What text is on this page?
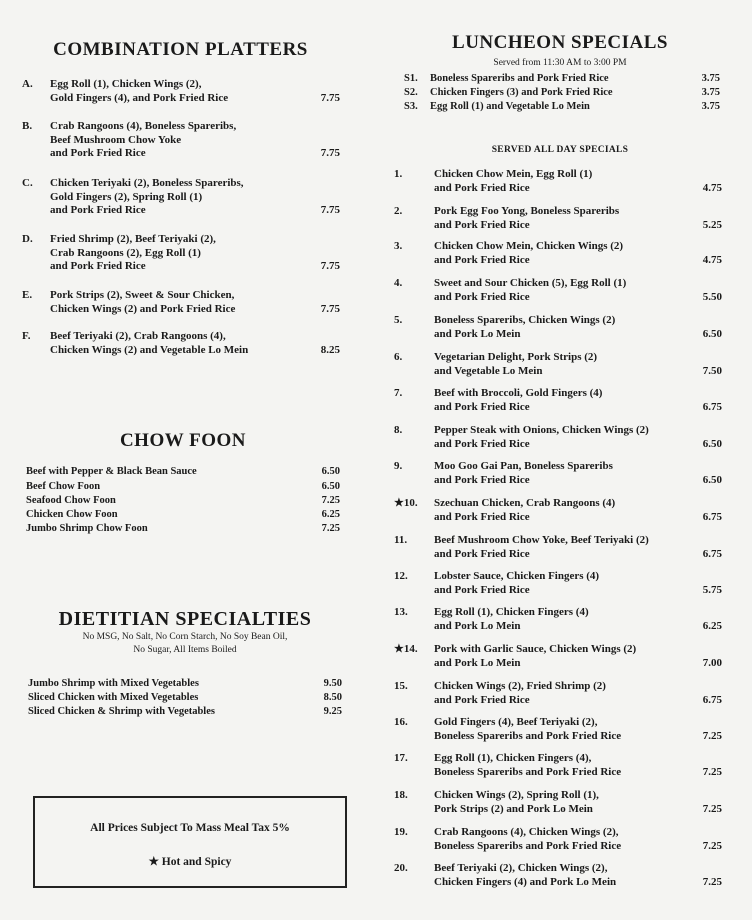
COMBINATION PLATTERS
A.	Egg Roll (1), Chicken Wings (2),
Gold Fingers (4), and Pork Fried Rice	7.75
B.	Crab Rangoons (4), Boneless Spareribs,
Beef Mushroom Chow Yoke
and Pork Fried Rice	7.75
C.	Chicken Teriyaki (2), Boneless Spareribs,
Gold Fingers (2), Spring Roll (1)
and Pork Fried Rice	7.75
D.	Fried Shrimp (2), Beef Teriyaki (2),
Crab Rangoons (2), Egg Roll (1)
and Pork Fried Rice	7.75
E.	Pork Strips (2), Sweet & Sour Chicken,
Chicken Wings (2) and Pork Fried Rice	7.75
F.	Beef Teriyaki (2), Crab Rangoons (4),
Chicken Wings (2) and Vegetable Lo Mein	8.25
CHOW FOON
Beef with Pepper & Black Bean Sauce	6.50
Beef Chow Foon	6.50
Seafood Chow Foon	7.25
Chicken Chow Foon	6.25
Jumbo Shrimp Chow Foon	7.25
DIETITIAN SPECIALTIES
No MSG, No Salt, No Corn Starch, No Soy Bean Oil,
No Sugar, All Items Boiled
Jumbo Shrimp with Mixed Vegetables	9.50
Sliced Chicken with Mixed Vegetables	8.50
Sliced Chicken & Shrimp with Vegetables	9.25
All Prices Subject To Mass Meal Tax 5%
★ Hot and Spicy
LUNCHEON SPECIALS
Served from 11:30 AM to 3:00 PM
S1. Boneless Spareribs and Pork Fried Rice	3.75
S2. Chicken Fingers (3) and Pork Fried Rice	3.75
S3. Egg Roll (1) and Vegetable Lo Mein	3.75
SERVED ALL DAY SPECIALS
1.	Chicken Chow Mein, Egg Roll (1)
and Pork Fried Rice	4.75
2.	Pork Egg Foo Yong, Boneless Spareribs
and Pork Fried Rice	5.25
3.	Chicken Chow Mein, Chicken Wings (2)
and Pork Fried Rice	4.75
4.	Sweet and Sour Chicken (5), Egg Roll (1)
and Pork Fried Rice	5.50
5.	Boneless Spareribs, Chicken Wings (2)
and Pork Lo Mein	6.50
6.	Vegetarian Delight, Pork Strips (2)
and Vegetable Lo Mein	7.50
7.	Beef with Broccoli, Gold Fingers (4)
and Pork Fried Rice	6.75
8.	Pepper Steak with Onions, Chicken Wings (2)
and Pork Fried Rice	6.50
9.	Moo Goo Gai Pan, Boneless Spareribs
and Pork Fried Rice	6.50
★10. Szechuan Chicken, Crab Rangoons (4)
and Pork Fried Rice	6.75
11.	Beef Mushroom Chow Yoke, Beef Teriyaki (2)
and Pork Fried Rice	6.75
12.	Lobster Sauce, Chicken Fingers (4)
and Pork Fried Rice	5.75
13.	Egg Roll (1), Chicken Fingers (4)
and Pork Lo Mein	6.25
★14. Pork with Garlic Sauce, Chicken Wings (2)
and Pork Lo Mein	7.00
15.	Chicken Wings (2), Fried Shrimp (2)
and Pork Fried Rice	6.75
16.	Gold Fingers (4), Beef Teriyaki (2),
Boneless Spareribs and Pork Fried Rice	7.25
17.	Egg Roll (1), Chicken Fingers (4),
Boneless Spareribs and Pork Fried Rice	7.25
18.	Chicken Wings (2), Spring Roll (1),
Pork Strips (2) and Pork Lo Mein	7.25
19.	Crab Rangoons (4), Chicken Wings (2),
Boneless Spareribs and Pork Fried Rice	7.25
20.	Beef Teriyaki (2), Chicken Wings (2),
Chicken Fingers (4) and Pork Lo Mein	7.25
